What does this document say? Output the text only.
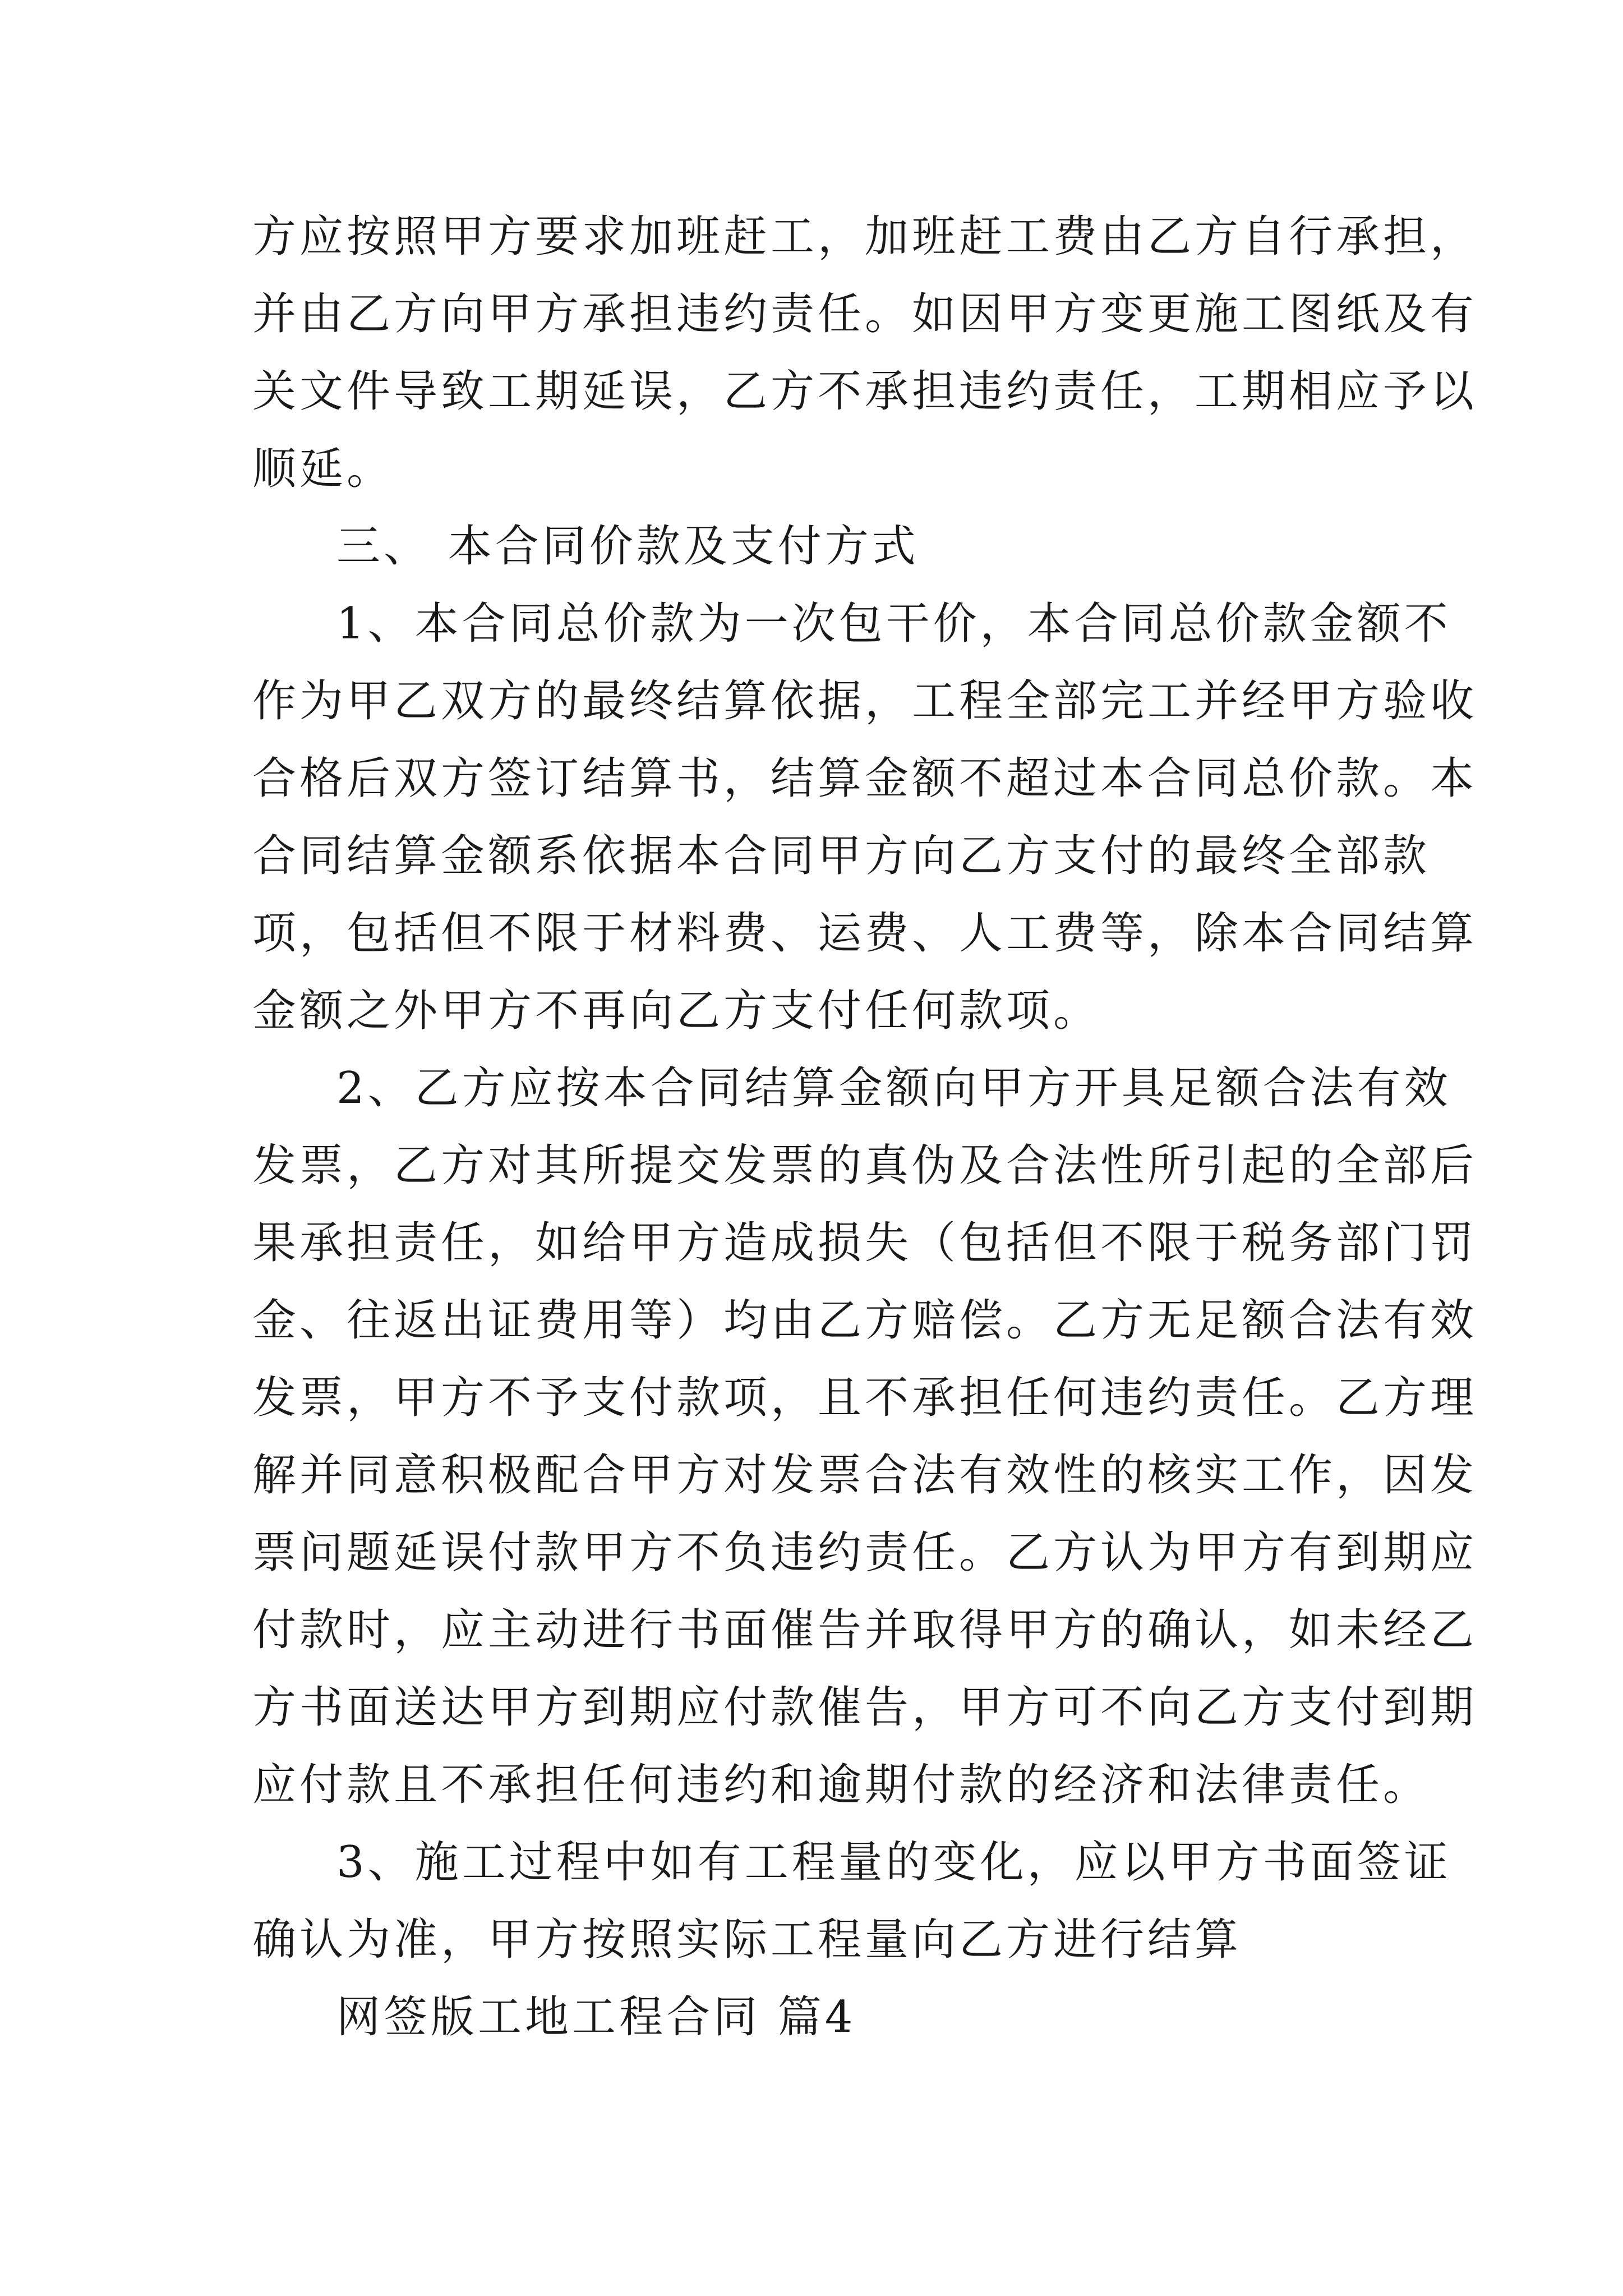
方应按照甲方要求加班赶工，加班赶工费由乙方自行承担，

并由乙方向甲方承担违约责任。如因甲方变更施工图纸及有

关文件导致工期延误，乙方不承担违约责任，工期相应予以

顺延。

三、 本合同价款及支付方式

1、本合同总价款为一次包干价，本合同总价款金额不

作为甲乙双方的最终结算依据，工程全部完工并经甲方验收

合格后双方签订结算书，结算金额不超过本合同总价款。本

合同结算金额系依据本合同甲方向乙方支付的最终全部款

项，包括但不限于材料费、运费、人工费等，除本合同结算

金额之外甲方不再向乙方支付任何款项。

2、乙方应按本合同结算金额向甲方开具足额合法有效

发票，乙方对其所提交发票的真伪及合法性所引起的全部后

果承担责任，如给甲方造成损失（包括但不限于税务部门罚

金、往返出证费用等）均由乙方赔偿。乙方无足额合法有效

发票，甲方不予支付款项，且不承担任何违约责任。乙方理

解并同意积极配合甲方对发票合法有效性的核实工作，因发

票问题延误付款甲方不负违约责任。乙方认为甲方有到期应

付款时，应主动进行书面催告并取得甲方的确认，如未经乙

方书面送达甲方到期应付款催告，甲方可不向乙方支付到期

应付款且不承担任何违约和逾期付款的经济和法律责任。

3、施工过程中如有工程量的变化，应以甲方书面签证

确认为准，甲方按照实际工程量向乙方进行结算

网签版工地工程合同 篇4
